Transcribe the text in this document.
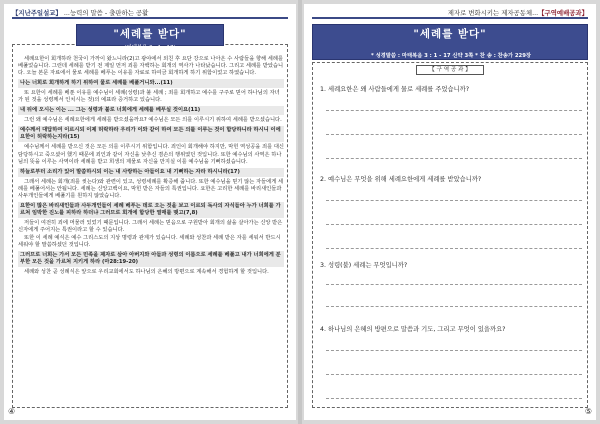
【지난주일설교】 ...능력의 말씀 - 출판하는 공활
"세례를 받다"
(마태복음 3 : 1 - 17)

세례요한이 회개하라 천국이 가까이 왔느니라(2)고 광야에서 외친 후 요단 강으로 나아온 수 사람들을 향해 세례를 베풀었습니다. 그런데 세례를 받기 전 제일 먼저 죄를 자백하는 회개의 역사가 나타났습니다. 그리고 세례를 받았습니다. 오늘 본문 자료에서 물로 세례를 베푸는 이유를 자료로 하여금 회개하게 하기 위함이었고 하였습니다.

나는 너희로 회개하게 하기 위하여 물로 세례를 베풀거니와...(11)

또 요한이 세례를 베푼 이유를 예수님이 세례(성령)과 불 세례 ; 죄를 회개하고 예수를 구주로 믿어 하나님의 자녀가 된 것을 성령께서 인치시는 것)의 예표라 증거하고 있습니다.

내 뒤에 오시는 이는 ... 그는 성령과 불로 너희에게 세례를 베푸실 것이요(11)

그런 왜 예수님은 세례요한에게 세례를 받으셨을까요? 예수님은 모든 의를 이루시기 위하여 세례를 받으셨습니다.

예수께서 대답하여 이르시되 이제 허락하라 우리가 이와 같이 하여 모든 의를 이루는 것이 합당하니라 하시니 이에 요한이 허락하는지라(15)

예수님께서 세례를 받으신 것은 모든 의를 이루시기 위함입니다. 죄인이 회개해야 하지만, 막힌 역성공을 죄를 대신 담당하시고 죽으셨어 했기 때문에 죄인과 같이 자신을 낮추신 겸손의 행위였던 것입니다. 또한 예수님의 사역은 하나님의 뜻을 이루는 사역이라 세례를 받고 희생의 제물로 자신을 만지실 이를 예수님을 기뻐하셨습니다.

하늘로부터 소리가 있어 말씀하시되 이는 내 사랑하는 아들이요 내 기뻐하는 자라 하시니라(17)

그래서 세례는 회개(죄를 씻는다)와 관련이 있고, 성령세례를 확증해 줍니다. 또한 예수님을 믿기 않는 자들에게 세례를 베풀어서는 안됩니다. 세례는 신앙고백이요, 막힌 받은 자들의 특권입니다. 요한은 고리한 세례를 바리새인들과 사두개인들에게 베풀기를 원하지 않았습니다.

요한이 많은 바리새인들과 사두개인들이 세례 베푸는 데로 오는 것을 보고 이르되 독사의 자식들아 누가 너희를 가르쳐 임박한 진노를 피하라 하더냐 그러므로 회개에 합당한 열매를 맺고(7,8)

저들이 여전히 죄에 머물러 있었기 때문입니다. 그래서 세례는 믿음으로 구원받아 회개의 삶을 살아가는 신앙 받은 신자에게 주어지는 특권이라고 할 수 있습니다.

또한 이 세례 예식은 예수 그리스도의 지상 명령과 관계가 있습니다. 세례와 성찬과 세례 받은 자를 세워서 반드시 세워야 할 말씀하셨던 것입니다.

그러므로 너희는 가서 모든 민족을 제자로 삼아 아버지와 아들과 성령의 이름으로 세례를 베풀고 내가 너희에게 분부한 모든 것을 가르쳐 지키게 하라 (마28:19-20)

세례와 성찬 곧 성례식은 앞으로 우리교회에서도 하나님의 은혜의 방편으로 계속해서 경험하게 할 것입니다.

④
제자로 변화시키는 제자공동체...【구역예배공과】
"세례를 받다"
* 성경말씀 : 마태복음 3 : 1 - 17 신약 3쪽 * 찬 송 : 찬송가 229장
【 구 역 공 과 】
1. 세례요한은 왜 사람들에게 물로 세례를 주었습니까?
2. 예수님은 무엇을 위해 세례요한에게 세례를 받았습니까?
3. 성령(불) 세례는 무엇입니까?
4. 하나님의 은혜의 방편으로 말씀과 기도, 그리고 무엇이 있을까요?
⑤
